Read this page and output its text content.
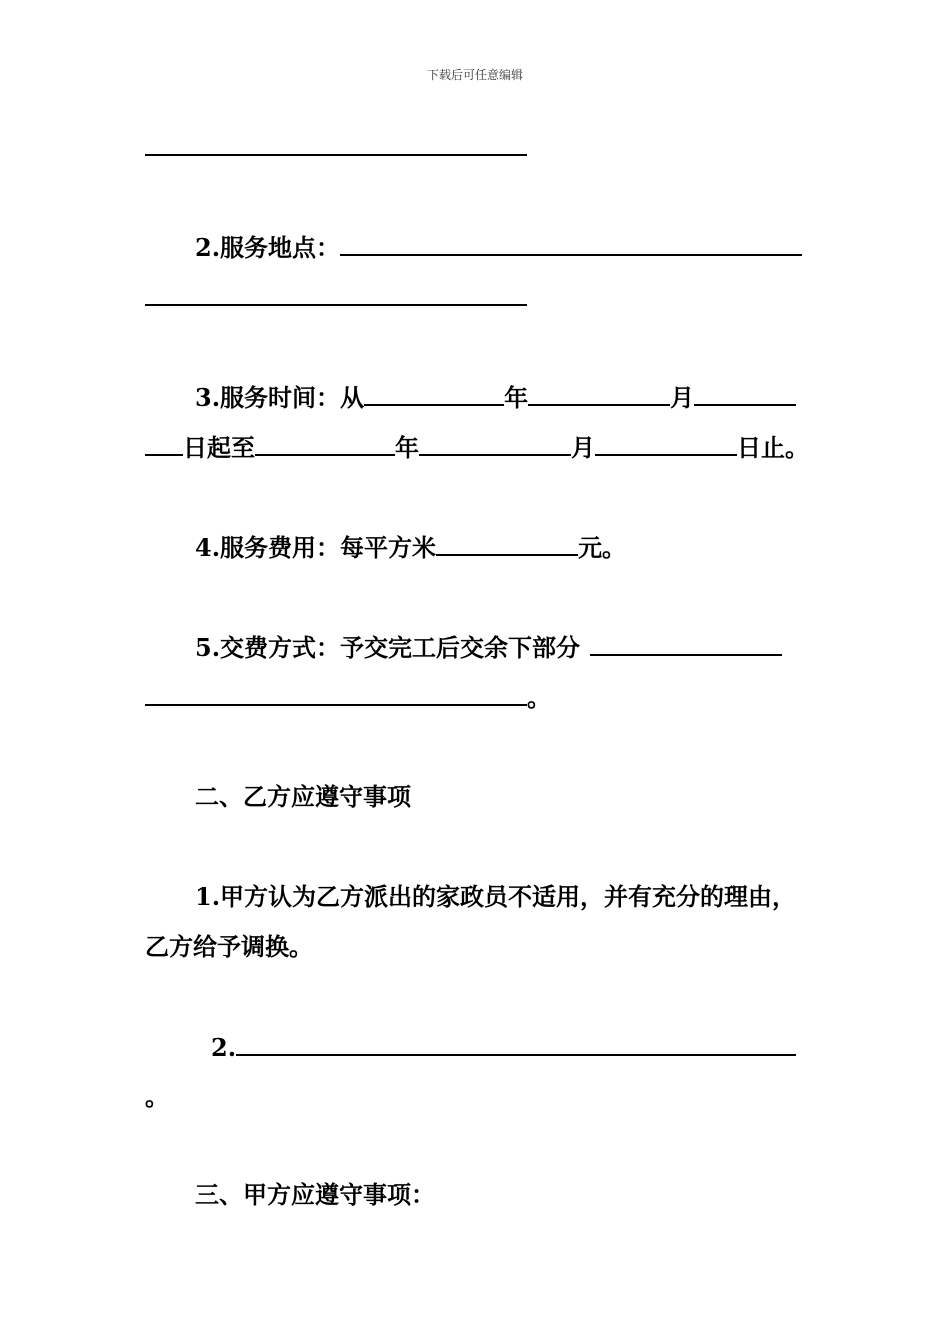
下载后可任意编辑
2.服务地点：
3.服务时间：从	年	月
日起至	年	月	日止。
4.服务费用：每平方米	元。
5.交费方式：予交完工后交余下部分
。
二、乙方应遵守事项
1.甲方认为乙方派出的家政员不适用，并有充分的理由，
乙方给予调换。
2.
。
三、甲方应遵守事项：
